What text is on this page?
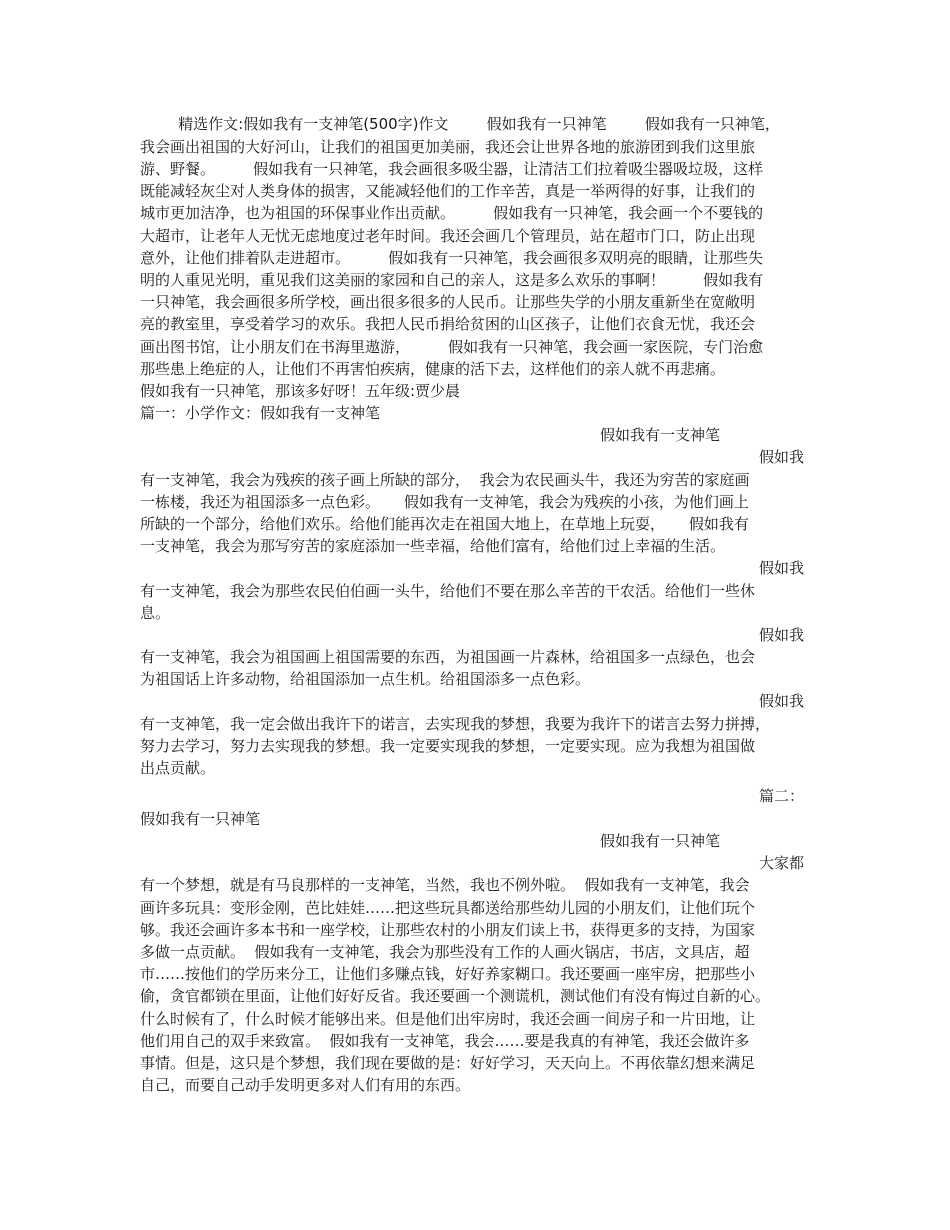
精选作文:假如我有一支神笔(500字)作文        假如我有一只神笔        假如我有一只神笔，
我会画出祖国的大好河山，让我们的祖国更加美丽，我还会让世界各地的旅游团到我们这里旅
游、野餐。        假如我有一只神笔，我会画很多吸尘器，让清洁工们拉着吸尘器吸垃圾，这样
既能减轻灰尘对人类身体的损害，又能减轻他们的工作辛苦，真是一举两得的好事，让我们的
城市更加洁净，也为祖国的环保事业作出贡献。        假如我有一只神笔，我会画一个不要钱的
大超市，让老年人无忧无虑地度过老年时间。我还会画几个管理员，站在超市门口，防止出现
意外，让他们排着队走进超市。        假如我有一只神笔，我会画很多双明亮的眼睛，让那些失
明的人重见光明，重见我们这美丽的家园和自己的亲人，这是多么欢乐的事啊！        假如我有
一只神笔，我会画很多所学校，画出很多很多的人民币。让那些失学的小朋友重新坐在宽敞明
亮的教室里，享受着学习的欢乐。我把人民币捐给贫困的山区孩子，让他们衣食无忧，我还会
画出图书馆，让小朋友们在书海里遨游，        假如我有一只神笔，我会画一家医院，专门治愈
那些患上绝症的人，让他们不再害怕疾病，健康的活下去，这样他们的亲人就不再悲痛。
假如我有一只神笔，那该多好呀！五年级:贾少晨
篇一：小学作文：假如我有一支神笔
假如我有一支神笔
假如我
有一支神笔，我会为残疾的孩子画上所缺的部分，  我会为农民画头牛，我还为穷苦的家庭画
一栋楼，我还为祖国添多一点色彩。     假如我有一支神笔，我会为残疾的小孩，为他们画上
所缺的一个部分，给他们欢乐。给他们能再次走在祖国大地上，在草地上玩耍，     假如我有
一支神笔，我会为那写穷苦的家庭添加一些幸福，给他们富有，给他们过上幸福的生活。
假如我
有一支神笔，我会为那些农民伯伯画一头牛，给他们不要在那么辛苦的干农活。给他们一些休
息。
假如我
有一支神笔，我会为祖国画上祖国需要的东西，为祖国画一片森林，给祖国多一点绿色，也会
为祖国话上许多动物，给祖国添加一点生机。给祖国添多一点色彩。
假如我
有一支神笔，我一定会做出我许下的诺言，去实现我的梦想，我要为我许下的诺言去努力拼搏，
努力去学习，努力去实现我的梦想。我一定要实现我的梦想，一定要实现。应为我想为祖国做
出点贡献。
篇二：
假如我有一只神笔
假如我有一只神笔
大家都
有一个梦想，就是有马良那样的一支神笔，当然，我也不例外啦。  假如我有一支神笔，我会
画许多玩具：变形金刚，芭比娃娃……把这些玩具都送给那些幼儿园的小朋友们，让他们玩个
够。我还会画许多本书和一座学校，让那些农村的小朋友们读上书，获得更多的支持，为国家
多做一点贡献。  假如我有一支神笔，我会为那些没有工作的人画火锅店，书店，文具店，超
市……按他们的学历来分工，让他们多赚点钱，好好养家糊口。我还要画一座牢房，把那些小
偷，贪官都锁在里面，让他们好好反省。我还要画一个测谎机，测试他们有没有悔过自新的心。
什么时候有了，什么时候才能够出来。但是他们出牢房时，我还会画一间房子和一片田地，让
他们用自己的双手来致富。  假如我有一支神笔，我会……要是我真的有神笔，我还会做许多
事情。但是，这只是个梦想，我们现在要做的是：好好学习，天天向上。不再依靠幻想来满足
自己，而要自己动手发明更多对人们有用的东西。
